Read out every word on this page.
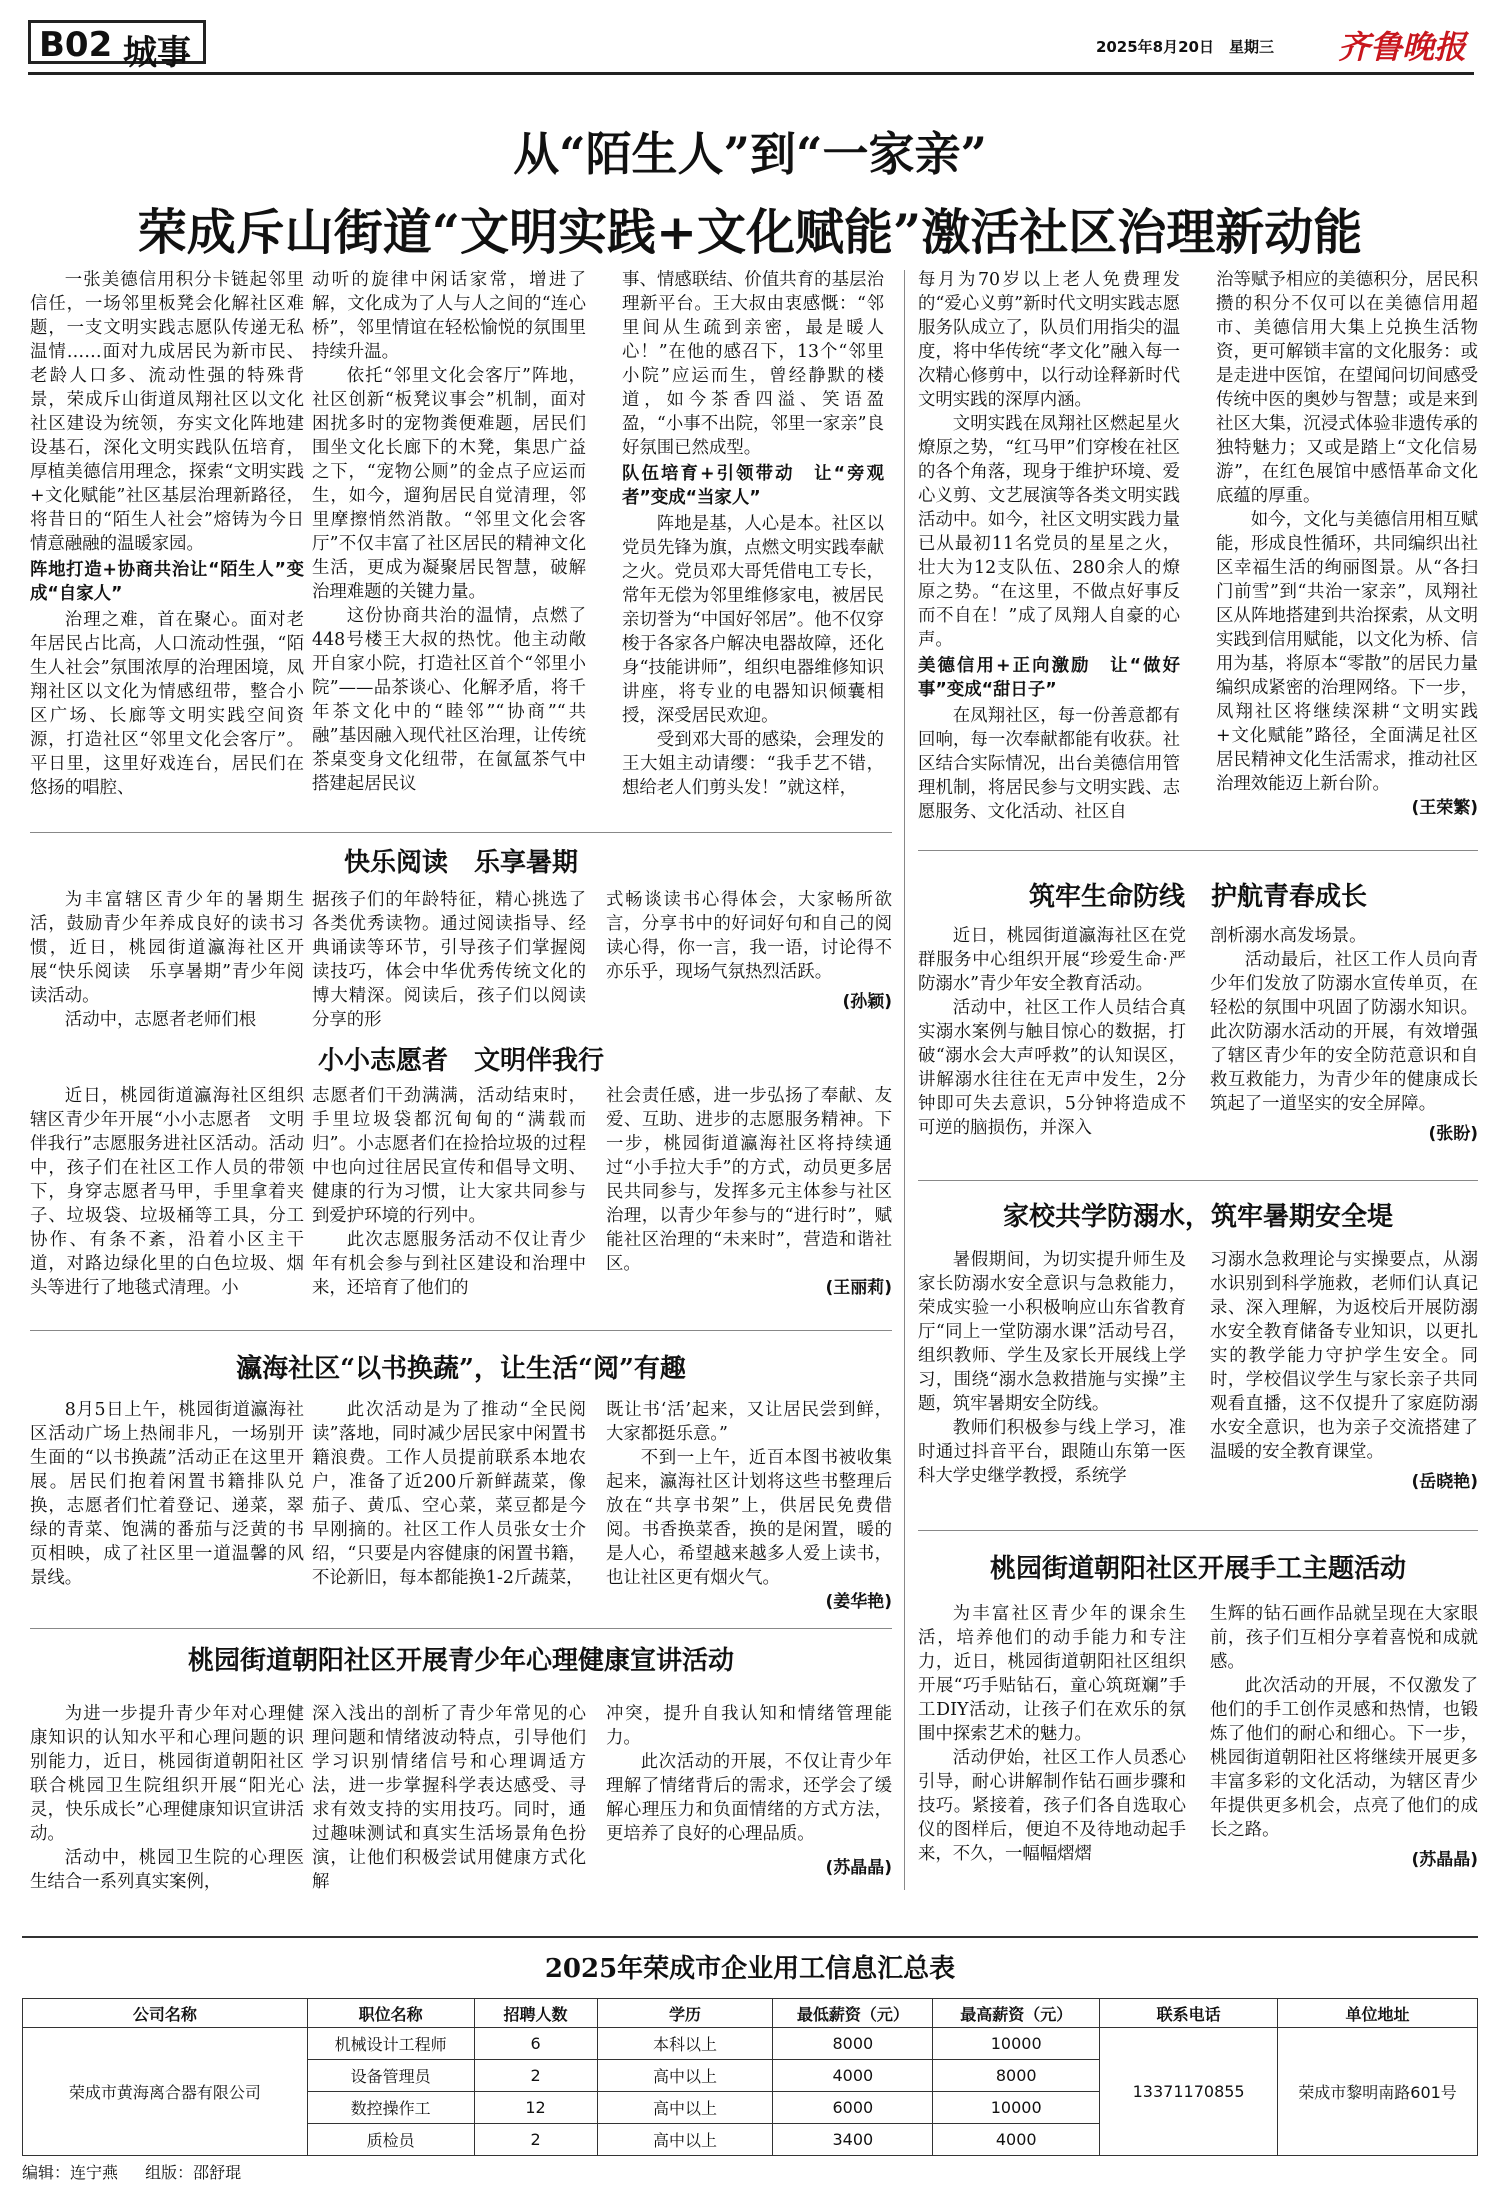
B02 城事	2025年8月20日 星期三 齐鲁晚报
从“陌生人”到“一家亲”
荣成斥山街道“文明实践+文化赋能”激活社区治理新动能

一张美德信用积分卡链起邻里信任，一场邻里板凳会化解社区难题，一支文明实践志愿队传递无私温情……面对九成居民为新市民、老龄人口多、流动性强的特殊背景，荣成斥山街道凤翔社区以文化社区建设为统领，夯实文化阵地建设基石，深化文明实践队伍培育，厚植美德信用理念，探索“文明实践+文化赋能”社区基层治理新路径，将昔日的“陌生人社会”熔铸为今日情意融融的温暖家园。

阵地打造+协商共治让“陌生人”变成“自家人”

治理之难，首在聚心。面对老年居民占比高，人口流动性强，“陌生人社会”氛围浓厚的治理困境，凤翔社区以文化为情感纽带，整合小区广场、长廊等文明实践空间资源，打造社区“邻里文化会客厅”。平日里，这里好戏连台，居民们在悠扬的唱腔、

动听的旋律中闲话家常，增进了解，文化成为了人与人之间的“连心桥”，邻里情谊在轻松愉悦的氛围里持续升温。

依托“邻里文化会客厅”阵地，社区创新“板凳议事会”机制，面对困扰多时的宠物粪便难题，居民们围坐文化长廊下的木凳，集思广益之下，“宠物公厕”的金点子应运而生，如今，遛狗居民自觉清理，邻里摩擦悄然消散。“邻里文化会客厅”不仅丰富了社区居民的精神文化生活，更成为凝聚居民智慧，破解治理难题的关键力量。

这份协商共治的温情，点燃了448号楼王大叔的热忱。他主动敞开自家小院，打造社区首个“邻里小院”——品茶谈心、化解矛盾，将千年茶文化中的“睦邻”“协商”“共融”基因融入现代社区治理，让传统茶桌变身文化纽带，在氤氲茶气中搭建起居民议

事、情感联结、价值共育的基层治理新平台。王大叔由衷感慨：“邻里间从生疏到亲密，最是暖人心！”在他的感召下，13个“邻里小院”应运而生，曾经静默的楼道，如今茶香四溢、笑语盈盈，“小事不出院，邻里一家亲”良好氛围已然成型。

队伍培育+引领带动　让“旁观者”变成“当家人”

阵地是基，人心是本。社区以党员先锋为旗，点燃文明实践奉献之火。党员邓大哥凭借电工专长，常年无偿为邻里维修家电，被居民亲切誉为“中国好邻居”。他不仅穿梭于各家各户解决电器故障，还化身“技能讲师”，组织电器维修知识讲座，将专业的电器知识倾囊相授，深受居民欢迎。

受到邓大哥的感染，会理发的王大姐主动请缨：“我手艺不错，想给老人们剪头发！”就这样，

每月为70岁以上老人免费理发的“爱心义剪”新时代文明实践志愿服务队成立了，队员们用指尖的温度，将中华传统“孝文化”融入每一次精心修剪中，以行动诠释新时代文明实践的深厚内涵。

文明实践在凤翔社区燃起星火燎原之势，“红马甲”们穿梭在社区的各个角落，现身于维护环境、爱心义剪、文艺展演等各类文明实践活动中。如今，社区文明实践力量已从最初11名党员的星星之火，壮大为12支队伍、280余人的燎原之势。“在这里，不做点好事反而不自在！”成了凤翔人自豪的心声。

美德信用+正向激励　让“做好事”变成“甜日子”

在凤翔社区，每一份善意都有回响，每一次奉献都能有收获。社区结合实际情况，出台美德信用管理机制，将居民参与文明实践、志愿服务、文化活动、社区自

治等赋予相应的美德积分，居民积攒的积分不仅可以在美德信用超市、美德信用大集上兑换生活物资，更可解锁丰富的文化服务：或是走进中医馆，在望闻问切间感受传统中医的奥妙与智慧；或是来到社区大集，沉浸式体验非遗传承的独特魅力；又或是踏上“文化信易游”，在红色展馆中感悟革命文化底蕴的厚重。

如今，文化与美德信用相互赋能，形成良性循环，共同编织出社区幸福生活的绚丽图景。从“各扫门前雪”到“共治一家亲”，凤翔社区从阵地搭建到共治探索，从文明实践到信用赋能，以文化为桥、信用为基，将原本“零散”的居民力量编织成紧密的治理网络。下一步，凤翔社区将继续深耕“文明实践+文化赋能”路径，全面满足社区居民精神文化生活需求，推动社区治理效能迈上新台阶。

(王荣繁)
快乐阅读　乐享暑期

为丰富辖区青少年的暑期生活，鼓励青少年养成良好的读书习惯，近日，桃园街道瀛海社区开展“快乐阅读　乐享暑期”青少年阅读活动。

活动中，志愿者老师们根

据孩子们的年龄特征，精心挑选了各类优秀读物。通过阅读指导、经典诵读等环节，引导孩子们掌握阅读技巧，体会中华优秀传统文化的博大精深。阅读后，孩子们以阅读分享的形

式畅谈读书心得体会，大家畅所欲言，分享书中的好词好句和自己的阅读心得，你一言，我一语，讨论得不亦乐乎，现场气氛热烈活跃。

(孙颖)
小小志愿者　文明伴我行

近日，桃园街道瀛海社区组织辖区青少年开展“小小志愿者　文明伴我行”志愿服务进社区活动。活动中，孩子们在社区工作人员的带领下，身穿志愿者马甲，手里拿着夹子、垃圾袋、垃圾桶等工具，分工协作、有条不紊，沿着小区主干道，对路边绿化里的白色垃圾、烟头等进行了地毯式清理。小

志愿者们干劲满满，活动结束时，手里垃圾袋都沉甸甸的“满载而归”。小志愿者们在捡拾垃圾的过程中也向过往居民宣传和倡导文明、健康的行为习惯，让大家共同参与到爱护环境的行列中。

此次志愿服务活动不仅让青少年有机会参与到社区建设和治理中来，还培育了他们的

社会责任感，进一步弘扬了奉献、友爱、互助、进步的志愿服务精神。下一步，桃园街道瀛海社区将持续通过“小手拉大手”的方式，动员更多居民共同参与，发挥多元主体参与社区治理，以青少年参与的“进行时”，赋能社区治理的“未来时”，营造和谐社区。

(王丽莉)
瀛海社区“以书换蔬”，让生活“阅”有趣

8月5日上午，桃园街道瀛海社区活动广场上热闹非凡，一场别开生面的“以书换蔬”活动正在这里开展。居民们抱着闲置书籍排队兑换，志愿者们忙着登记、递菜，翠绿的青菜、饱满的番茄与泛黄的书页相映，成了社区里一道温馨的风景线。

此次活动是为了推动“全民阅读”落地，同时减少居民家中闲置书籍浪费。工作人员提前联系本地农户，准备了近200斤新鲜蔬菜，像茄子、黄瓜、空心菜，菜豆都是今早刚摘的。社区工作人员张女士介绍，“只要是内容健康的闲置书籍，不论新旧，每本都能换1-2斤蔬菜，

既让书‘活’起来，又让居民尝到鲜，大家都挺乐意。”

不到一上午，近百本图书被收集起来，瀛海社区计划将这些书整理后放在“共享书架”上，供居民免费借阅。书香换菜香，换的是闲置，暖的是人心，希望越来越多人爱上读书，也让社区更有烟火气。

(姜华艳)
桃园街道朝阳社区开展青少年心理健康宣讲活动

为进一步提升青少年对心理健康知识的认知水平和心理问题的识别能力，近日，桃园街道朝阳社区联合桃园卫生院组织开展“阳光心灵，快乐成长”心理健康知识宣讲活动。

活动中，桃园卫生院的心理医生结合一系列真实案例，

深入浅出的剖析了青少年常见的心理问题和情绪波动特点，引导他们学习识别情绪信号和心理调适方法，进一步掌握科学表达感受、寻求有效支持的实用技巧。同时，通过趣味测试和真实生活场景角色扮演，让他们积极尝试用健康方式化解

冲突，提升自我认知和情绪管理能力。

此次活动的开展，不仅让青少年理解了情绪背后的需求，还学会了缓解心理压力和负面情绪的方式方法，更培养了良好的心理品质。

(苏晶晶)
筑牢生命防线　护航青春成长

近日，桃园街道瀛海社区在党群服务中心组织开展“珍爱生命·严防溺水”青少年安全教育活动。

活动中，社区工作人员结合真实溺水案例与触目惊心的数据，打破“溺水会大声呼救”的认知误区，讲解溺水往往在无声中发生，2分钟即可失去意识，5分钟将造成不可逆的脑损伤，并深入

剖析溺水高发场景。

活动最后，社区工作人员向青少年们发放了防溺水宣传单页，在轻松的氛围中巩固了防溺水知识。此次防溺水活动的开展，有效增强了辖区青少年的安全防范意识和自救互救能力，为青少年的健康成长筑起了一道坚实的安全屏障。

(张盼)
家校共学防溺水，筑牢暑期安全堤

暑假期间，为切实提升师生及家长防溺水安全意识与急救能力，荣成实验一小积极响应山东省教育厅“同上一堂防溺水课”活动号召，组织教师、学生及家长开展线上学习，围绕“溺水急救措施与实操”主题，筑牢暑期安全防线。

教师们积极参与线上学习，准时通过抖音平台，跟随山东第一医科大学史继学教授，系统学

习溺水急救理论与实操要点，从溺水识别到科学施救，老师们认真记录、深入理解，为返校后开展防溺水安全教育储备专业知识，以更扎实的教学能力守护学生安全。同时，学校倡议学生与家长亲子共同观看直播，这不仅提升了家庭防溺水安全意识，也为亲子交流搭建了温暖的安全教育课堂。

(岳晓艳)
桃园街道朝阳社区开展手工主题活动

为丰富社区青少年的课余生活，培养他们的动手能力和专注力，近日，桃园街道朝阳社区组织开展“巧手贴钻石，童心筑斑斓”手工DIY活动，让孩子们在欢乐的氛围中探索艺术的魅力。

活动伊始，社区工作人员悉心引导，耐心讲解制作钻石画步骤和技巧。紧接着，孩子们各自选取心仪的图样后，便迫不及待地动起手来，不久，一幅幅熠熠

生辉的钻石画作品就呈现在大家眼前，孩子们互相分享着喜悦和成就感。

此次活动的开展，不仅激发了他们的手工创作灵感和热情，也锻炼了他们的耐心和细心。下一步，桃园街道朝阳社区将继续开展更多丰富多彩的文化活动，为辖区青少年提供更多机会，点亮了他们的成长之路。

(苏晶晶)
2025年荣成市企业用工信息汇总表
公司名称	职位名称	招聘人数	学历	最低薪资（元）	最高薪资（元）	联系电话	单位地址
荣成市黄海离合器有限公司	机械设计工程师	6	本科以上	8000	10000	13371170855	荣成市黎明南路601号
	设备管理员	2	高中以上	4000	8000		
	数控操作工	12	高中以上	6000	10000		
	质检员	2	高中以上	3400	4000		
编辑：连宁燕 组版：邵舒琨
